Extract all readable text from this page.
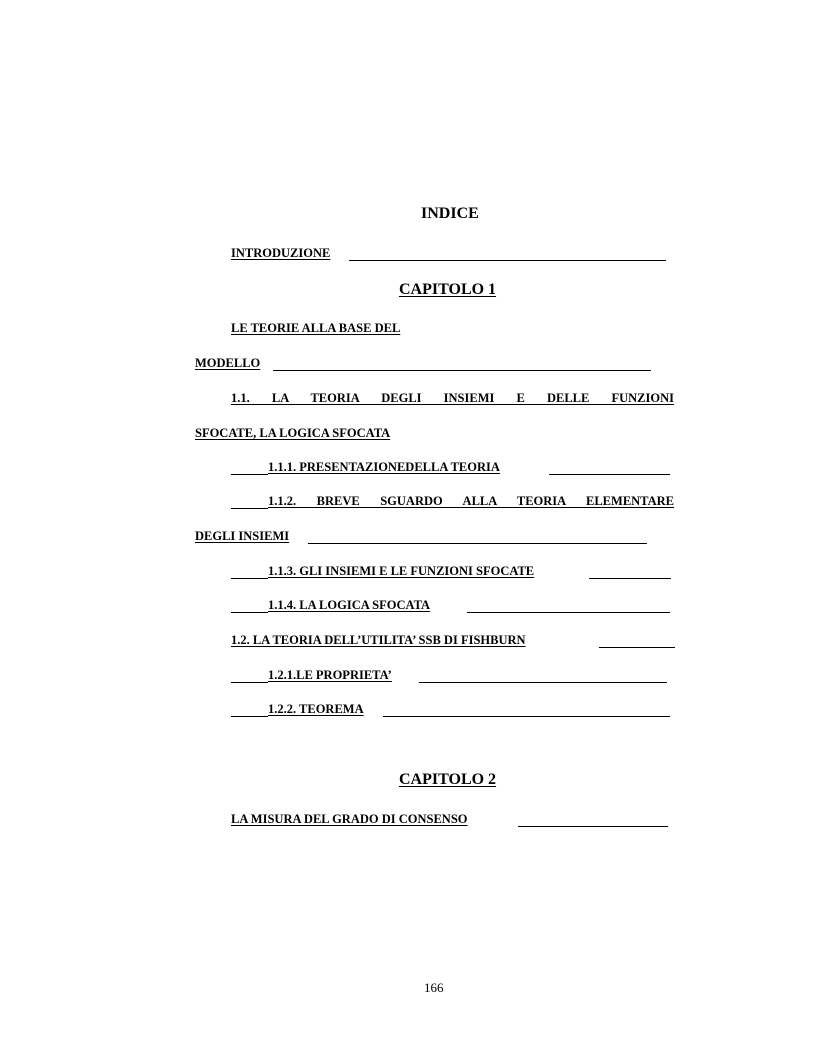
INDICE
INTRODUZIONE
CAPITOLO 1
LE TEORIE ALLA BASE DEL
MODELLO
1.1. LA TEORIA DEGLI INSIEMI E DELLE FUNZIONI
SFOCATE, LA LOGICA SFOCATA
1.1.1. PRESENTAZIONEDELLA TEORIA
1.1.2. BREVE SGUARDO ALLA TEORIA ELEMENTARE
DEGLI INSIEMI
1.1.3. GLI INSIEMI E LE FUNZIONI SFOCATE
1.1.4. LA LOGICA SFOCATA
1.2. LA TEORIA DELL’UTILITA’ SSB DI FISHBURN
1.2.1.LE PROPRIETA’
1.2.2. TEOREMA
CAPITOLO 2
LA MISURA DEL GRADO DI CONSENSO
166
